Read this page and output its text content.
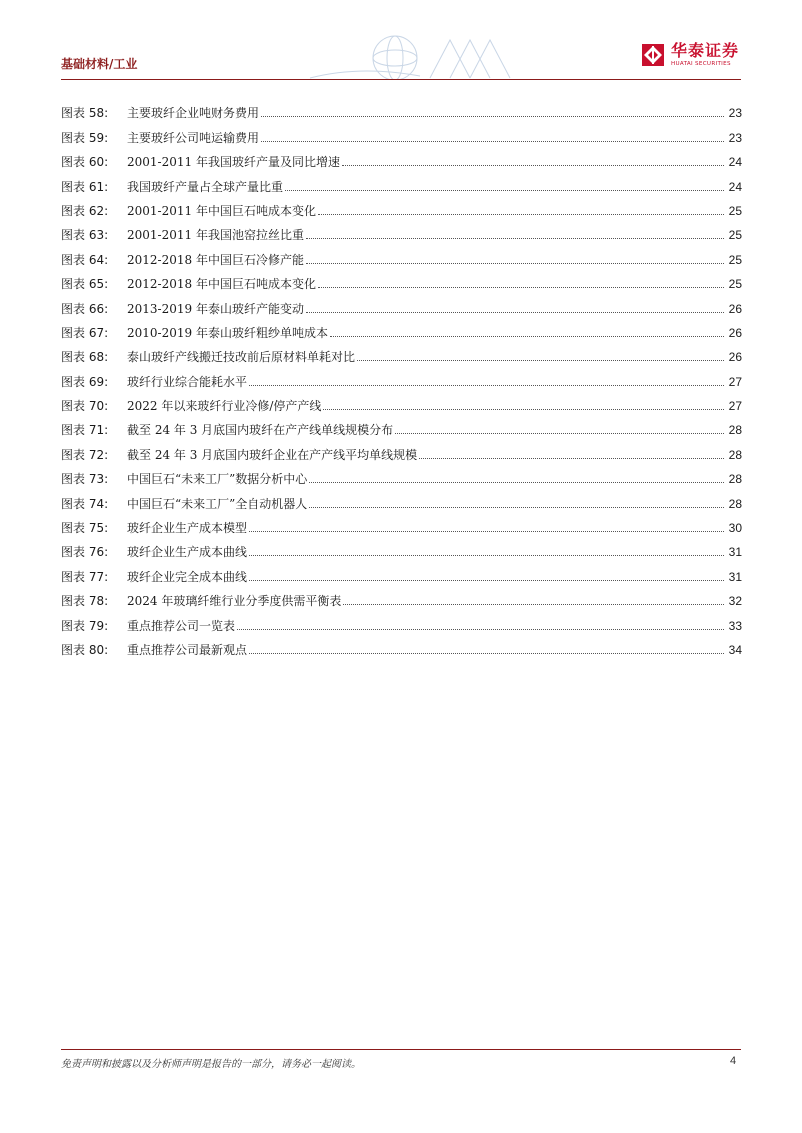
基础材料/工业
华泰证券
HUATAI SECURITIES
图表 58:	主要玻纤企业吨财务费用	23
图表 59:	主要玻纤公司吨运输费用	23
图表 60:	2001-2011 年我国玻纤产量及同比增速	24
图表 61:	我国玻纤产量占全球产量比重	24
图表 62:	2001-2011 年中国巨石吨成本变化	25
图表 63:	2001-2011 年我国池窑拉丝比重	25
图表 64:	2012-2018 年中国巨石冷修产能	25
图表 65:	2012-2018 年中国巨石吨成本变化	25
图表 66:	2013-2019 年泰山玻纤产能变动	26
图表 67:	2010-2019 年泰山玻纤粗纱单吨成本	26
图表 68:	泰山玻纤产线搬迁技改前后原材料单耗对比	26
图表 69:	玻纤行业综合能耗水平	27
图表 70:	2022 年以来玻纤行业冷修/停产产线	27
图表 71:	截至 24 年 3 月底国内玻纤在产产线单线规模分布	28
图表 72:	截至 24 年 3 月底国内玻纤企业在产产线平均单线规模	28
图表 73:	中国巨石“未来工厂”数据分析中心	28
图表 74:	中国巨石“未来工厂”全自动机器人	28
图表 75:	玻纤企业生产成本模型	30
图表 76:	玻纤企业生产成本曲线	31
图表 77:	玻纤企业完全成本曲线	31
图表 78:	2024 年玻璃纤维行业分季度供需平衡表	32
图表 79:	重点推荐公司一览表	33
图表 80:	重点推荐公司最新观点	34
免责声明和披露以及分析师声明是报告的一部分，请务必一起阅读。	4
